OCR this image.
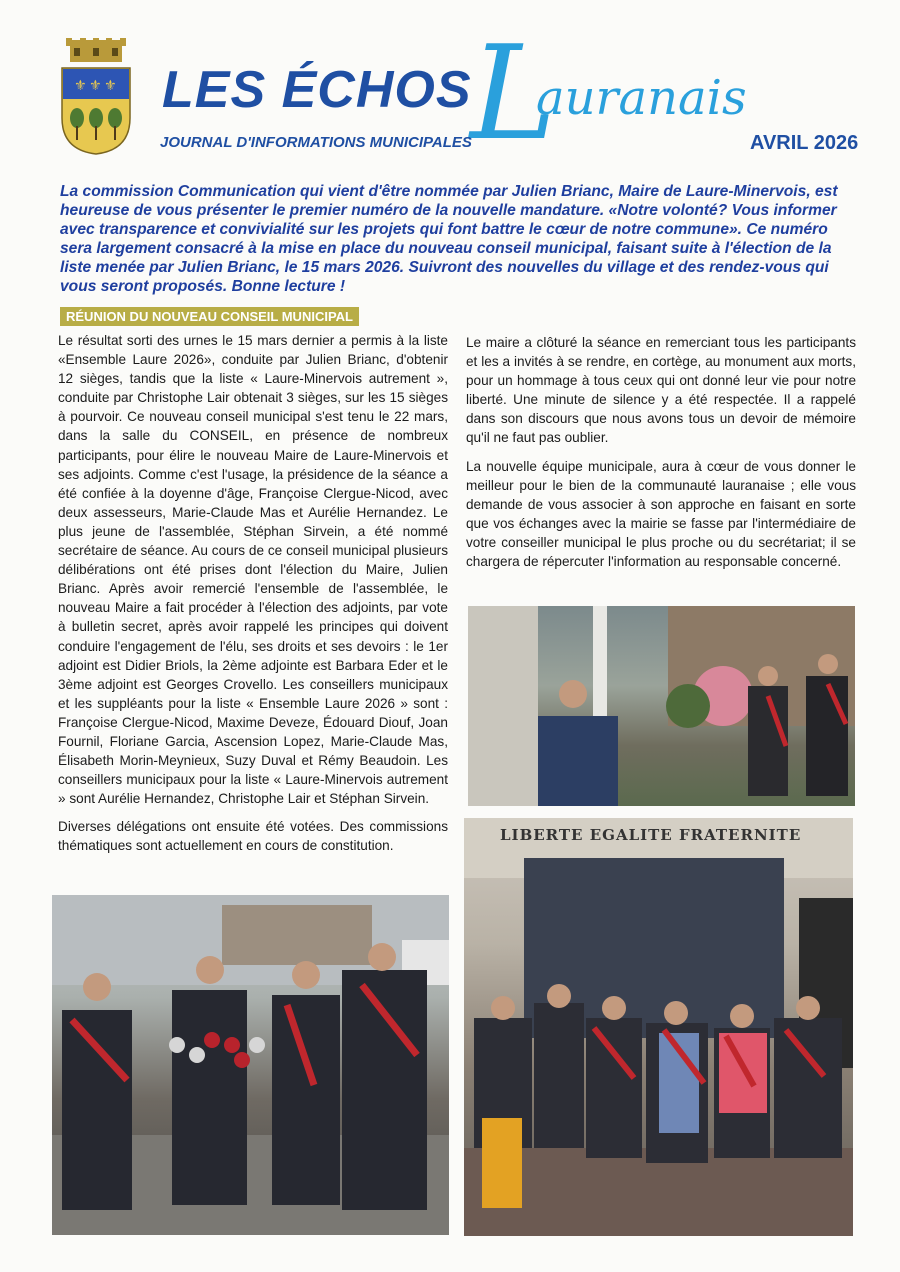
⚜ ⚜ ⚜ LES ÉCHOS
L
auranais
JOURNAL D'INFORMATIONS MUNICIPALES	AVRIL 2026

La commission Communication qui vient d'être nommée par Julien Brianc, Maire de Laure-Minervois, est heureuse de vous présenter le premier numéro de la nouvelle mandature. «Notre volonté? Vous informer avec transparence et convivialité sur les projets qui font battre le cœur de notre commune». Ce numéro sera largement consacré à la mise en place du nouveau conseil municipal, faisant suite à l'élection de la liste menée par Julien Brianc, le 15 mars 2026. Suivront des nouvelles du village et des rendez-vous qui vous seront proposés. Bonne lecture !

RÉUNION DU NOUVEAU CONSEIL MUNICIPAL

Le résultat sorti des urnes le 15 mars dernier a permis à la liste «Ensemble Laure 2026», conduite par Julien Brianc, d'obtenir 12 sièges, tandis que la liste « Laure-Minervois autrement », conduite par Christophe Lair obtenait 3 sièges, sur les 15 sièges à pourvoir. Ce nouveau conseil municipal s'est tenu le 22 mars, dans la salle du CONSEIL, en présence de nombreux participants, pour élire le nouveau Maire de Laure-Minervois et ses adjoints. Comme c'est l'usage, la présidence de la séance a été confiée à la doyenne d'âge, Françoise Clergue-Nicod, avec deux assesseurs, Marie-Claude Mas et Aurélie Hernandez. Le plus jeune de l'assemblée, Stéphan Sirvein, a été nommé secrétaire de séance. Au cours de ce conseil municipal plusieurs délibérations ont été prises dont l'élection du Maire, Julien Brianc. Après avoir remercié l'ensemble de l'assemblée, le nouveau Maire a fait procéder à l'élection des adjoints, par vote à bulletin secret, après avoir rappelé les principes qui doivent conduire l'engagement de l'élu, ses droits et ses devoirs : le 1er adjoint est Didier Briols, la 2ème adjointe est Barbara Eder et le 3ème adjoint est Georges Crovello. Les conseillers municipaux et les suppléants pour la liste « Ensemble Laure 2026 » sont : Françoise Clergue-Nicod, Maxime Deveze, Édouard Diouf, Joan Fournil, Floriane Garcia, Ascension Lopez, Marie-Claude Mas, Élisabeth Morin-Meynieux, Suzy Duval et Rémy Beaudoin. Les conseillers municipaux pour la liste « Laure-Minervois autrement » sont Aurélie Hernandez, Christophe Lair et Stéphan Sirvein.

Diverses délégations ont ensuite été votées. Des commissions thématiques sont actuellement en cours de constitution.

Le maire a clôturé la séance en remerciant tous les participants et les a invités à se rendre, en cortège, au monument aux morts, pour un hommage à tous ceux qui ont donné leur vie pour notre liberté. Une minute de silence y a été respectée. Il a rappelé dans son discours que nous avons tous un devoir de mémoire qu'il ne faut pas oublier.

La nouvelle équipe municipale, aura à cœur de vous donner le meilleur pour le bien de la communauté lauranaise ; elle vous demande de vous associer à son approche en faisant en sorte que vos échanges avec la mairie se fasse par l'intermédiaire de votre conseiller municipal le plus proche ou du secrétariat; il se chargera de répercuter l'information au responsable concerné.

LIBERTE EGALITE FRATERNITE
